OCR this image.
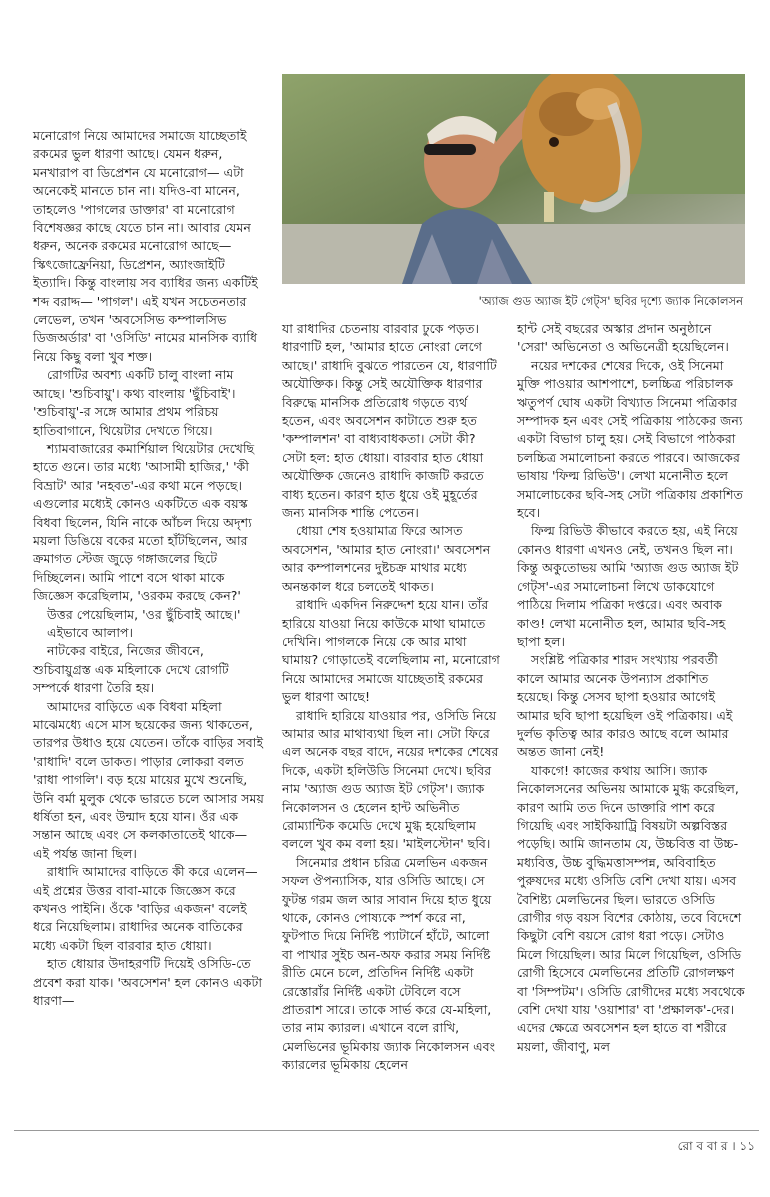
'অ্যাজ গুড অ্যাজ ইট গেট্স' ছবির দৃশ্যে জ্যাক নিকোলসন

মনোরোগ নিয়ে আমাদের সমাজে যাচ্ছেতাই রকমের ভুল ধারণা আছে। যেমন ধরুন, মনখারাপ বা ডিপ্রেশন যে মনোরোগ— এটা অনেকেই মানতে চান না। যদিও-বা মানেন, তাহলেও 'পাগলের ডাক্তার' বা মনোরোগ বিশেষজ্ঞর কাছে যেতে চান না। আবার যেমন ধরুন, অনেক রকমের মনোরোগ আছে— স্কিৎজোফ্রেনিয়া, ডিপ্রেশন, অ্যাংজাইটি ইত্যাদি। কিন্তু বাংলায় সব ব্যাধির জন্য একটিই শব্দ বরাদ্দ— 'পাগল'। এই যখন সচেতনতার লেভেল, তখন 'অবসেসিভ কম্পালসিভ ডিজঅর্ডার' বা 'ওসিডি' নামের মানসিক ব্যাধি নিয়ে কিছু বলা খুব শক্ত।

রোগটির অবশ্য একটি চালু বাংলা নাম আছে। 'শুচিবায়ু'। কথ্য বাংলায় 'ছুঁচিবাই'। 'শুচিবায়ু'-র সঙ্গে আমার প্রথম পরিচয় হাতিবাগানে, থিয়েটার দেখতে গিয়ে।

শ্যামবাজারের কমার্শিয়াল থিয়েটার দেখেছি হাতে গুনে। তার মধ্যে 'আসামী হাজির,' 'কী বিভ্রাট' আর 'নহবত'-এর কথা মনে পড়ছে। এগুলোর মধ্যেই কোনও একটিতে এক বয়স্ক বিধবা ছিলেন, যিনি নাকে আঁচল দিয়ে অদৃশ্য ময়লা ডিঙিয়ে বকের মতো হাঁটছিলেন, আর ক্রমাগত স্টেজ জুড়ে গঙ্গাজলের ছিটে দিচ্ছিলেন। আমি পাশে বসে থাকা মাকে জিজ্ঞেস করেছিলাম, 'ওরকম করছে কেন?'

উত্তর পেয়েছিলাম, 'ওর ছুঁচিবাই আছে।'

এইভাবে আলাপ।

নাটকের বাইরে, নিজের জীবনে, শুচিবায়ুগ্রস্ত এক মহিলাকে দেখে রোগটি সম্পর্কে ধারণা তৈরি হয়।

আমাদের বাড়িতে এক বিধবা মহিলা মাঝেমধ্যে এসে মাস ছয়েকের জন্য থাকতেন, তারপর উধাও হয়ে যেতেন। তাঁকে বাড়ির সবাই 'রাধাদি' বলে ডাকত। পাড়ার লোকরা বলত 'রাধা পাগলি'। বড় হয়ে মায়ের মুখে শুনেছি, উনি বর্মা মুলুক থেকে ভারতে চলে আসার সময় ধর্ষিতা হন, এবং উন্মাদ হয়ে যান। ওঁর এক সন্তান আছে এবং সে কলকাতাতেই থাকে— এই পর্যন্ত জানা ছিল।

রাধাদি আমাদের বাড়িতে কী করে এলেন— এই প্রশ্নের উত্তর বাবা-মাকে জিজ্ঞেস করে কখনও পাইনি। ওঁকে 'বাড়ির একজন' বলেই ধরে নিয়েছিলাম। রাধাদির অনেক বাতিকের মধ্যে একটা ছিল বারবার হাত ধোয়া।

হাত ধোয়ার উদাহরণটি দিয়েই ওসিডি-তে প্রবেশ করা যাক। 'অবসেশন' হল কোনও একটা ধারণা—

যা রাধাদির চেতনায় বারবার ঢুকে পড়ত। ধারণাটি হল, 'আমার হাতে নোংরা লেগে আছে।' রাধাদি বুঝতে পারতেন যে, ধারণাটি অযৌক্তিক। কিন্তু সেই অযৌক্তিক ধারণার বিরুদ্ধে মানসিক প্রতিরোধ গড়তে ব্যর্থ হতেন, এবং অবসেশন কাটাতে শুরু হত 'কম্পালশন' বা বাধ্যবাধকতা। সেটা কী? সেটা হল: হাত ধোয়া। বারবার হাত ধোয়া অযৌক্তিক জেনেও রাধাদি কাজটি করতে বাধ্য হতেন। কারণ হাত ধুয়ে ওই মুহূর্তের জন্য মানসিক শান্তি পেতেন।

ধোয়া শেষ হওয়ামাত্র ফিরে আসত অবসেশন, 'আমার হাত নোংরা।' অবসেশন আর কম্পালশনের দুষ্টচক্র মাথার মধ্যে অনন্তকাল ধরে চলতেই থাকত।

রাধাদি একদিন নিরুদ্দেশ হয়ে যান। তাঁর হারিয়ে যাওয়া নিয়ে কাউকে মাথা ঘামাতে দেখিনি। পাগলকে নিয়ে কে আর মাথা ঘামায়? গোড়াতেই বলেছিলাম না, মনোরোগ নিয়ে আমাদের সমাজে যাচ্ছেতাই রকমের ভুল ধারণা আছে!

রাধাদি হারিয়ে যাওয়ার পর, ওসিডি নিয়ে আমার আর মাথাব্যথা ছিল না। সেটা ফিরে এল অনেক বছর বাদে, নয়ের দশকের শেষের দিকে, একটা হলিউডি সিনেমা দেখে। ছবির নাম 'অ্যাজ গুড অ্যাজ ইট গেট্স'। জ্যাক নিকোলসন ও হেলেন হান্ট অভিনীত রোম্যান্টিক কমেডি দেখে মুগ্ধ হয়েছিলাম বললে খুব কম বলা হয়। 'মাইলস্টোন' ছবি।

সিনেমার প্রধান চরিত্র মেলভিন একজন সফল ঔপন্যাসিক, যার ওসিডি আছে। সে ফুটন্ত গরম জল আর সাবান দিয়ে হাত ধুয়ে থাকে, কোনও পোষ্যকে স্পর্শ করে না, ফুটপাত দিয়ে নির্দিষ্ট প্যাটার্নে হাঁটে, আলো বা পাখার সুইচ অন-অফ করার সময় নির্দিষ্ট রীতি মেনে চলে, প্রতিদিন নির্দিষ্ট একটা রেস্তোরাঁর নির্দিষ্ট একটা টেবিলে বসে প্রাতরাশ সারে। তাকে সার্ভ করে যে-মহিলা, তার নাম ক্যারল। এখানে বলে রাখি, মেলভিনের ভূমিকায় জ্যাক নিকোলসন এবং ক্যারলের ভূমিকায় হেলেন

হান্ট সেই বছরের অস্কার প্রদান অনুষ্ঠানে 'সেরা' অভিনেতা ও অভিনেত্রী হয়েছিলেন।

নয়ের দশকের শেষের দিকে, ওই সিনেমা মুক্তি পাওয়ার আশপাশে, চলচ্চিত্র পরিচালক ঋতুপর্ণ ঘোষ একটা বিখ্যাত সিনেমা পত্রিকার সম্পাদক হন এবং সেই পত্রিকায় পাঠকের জন্য একটা বিভাগ চালু হয়। সেই বিভাগে পাঠকরা চলচ্চিত্র সমালোচনা করতে পারবে। আজকের ভাষায় 'ফিল্ম রিভিউ'। লেখা মনোনীত হলে সমালোচকের ছবি-সহ সেটা পত্রিকায় প্রকাশিত হবে।

ফিল্ম রিভিউ কীভাবে করতে হয়, এই নিয়ে কোনও ধারণা এখনও নেই, তখনও ছিল না। কিন্তু অকুতোভয় আমি 'অ্যাজ গুড অ্যাজ ইট গেট্স'-এর সমালোচনা লিখে ডাকযোগে পাঠিয়ে দিলাম পত্রিকা দপ্তরে। এবং অবাক কাণ্ড! লেখা মনোনীত হল, আমার ছবি-সহ ছাপা হল।

সংশ্লিষ্ট পত্রিকার শারদ সংখ্যায় পরবর্তী কালে আমার অনেক উপন্যাস প্রকাশিত হয়েছে। কিন্তু সেসব ছাপা হওয়ার আগেই আমার ছবি ছাপা হয়েছিল ওই পত্রিকায়। এই দুর্লভ কৃতিত্ব আর কারও আছে বলে আমার অন্তত জানা নেই!

যাকগে! কাজের কথায় আসি। জ্যাক নিকোলসনের অভিনয় আমাকে মুগ্ধ করেছিল, কারণ আমি তত দিনে ডাক্তারি পাশ করে গিয়েছি এবং সাইকিয়াট্রি বিষয়টা অল্পবিস্তর পড়েছি। আমি জানতাম যে, উচ্চবিত্ত বা উচ্চ-মধ্যবিত্ত, উচ্চ বুদ্ধিমত্তাসম্পন্ন, অবিবাহিত পুরুষদের মধ্যে ওসিডি বেশি দেখা যায়। এসব বৈশিষ্ট্য মেলভিনের ছিল। ভারতে ওসিডি রোগীর গড় বয়স বিশের কোঠায়, তবে বিদেশে কিছুটা বেশি বয়সে রোগ ধরা পড়ে। সেটাও মিলে গিয়েছিল। আর মিলে গিয়েছিল, ওসিডি রোগী হিসেবে মেলভিনের প্রতিটি রোগলক্ষণ বা 'সিম্পটম'। ওসিডি রোগীদের মধ্যে সবথেকে বেশি দেখা যায় 'ওয়াশার' বা 'প্রক্ষালক'-দের। এদের ক্ষেত্রে অবসেশন হল হাতে বা শরীরে ময়লা, জীবাণু, মল

রো ব বা র । ১১
